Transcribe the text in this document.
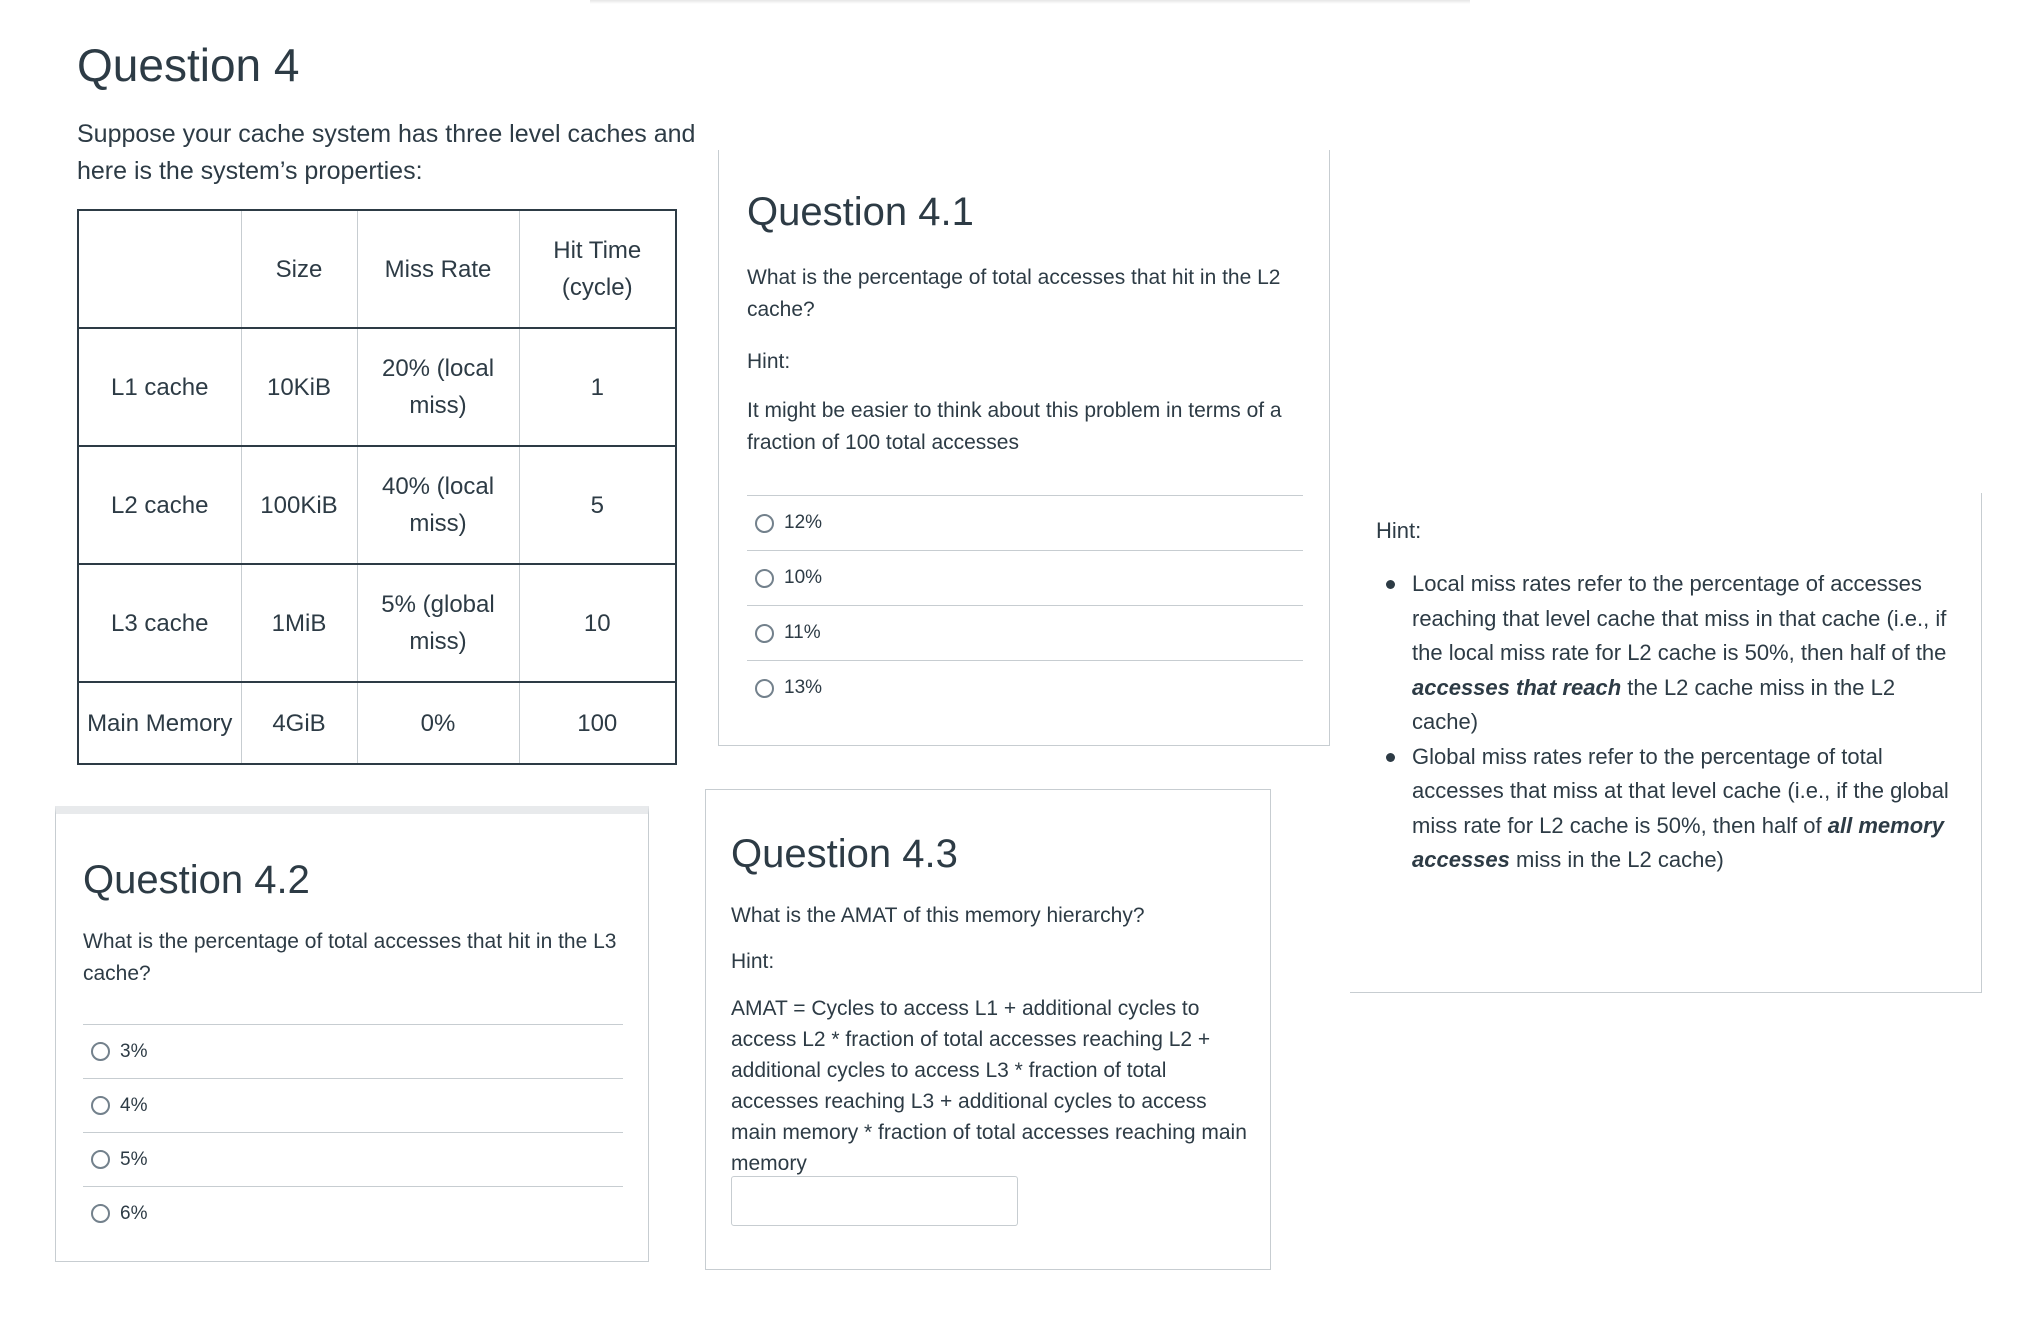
Question 4

Suppose your cache system has three level caches and here is the system’s properties:

	Size	Miss Rate	Hit Time (cycle)
L1 cache	10KiB	20% (local miss)	1
L2 cache	100KiB	40% (local miss)	5
L3 cache	1MiB	5% (global miss)	10
Main Memory	4GiB	0%	100
Question 4.1

What is the percentage of total accesses that hit in the L2 cache?

Hint:

It might be easier to think about this problem in terms of a fraction of 100 total accesses

12%
10%
11%
13%
Question 4.2

What is the percentage of total accesses that hit in the L3 cache?

3%
4%
5%
6%
Question 4.3

What is the AMAT of this memory hierarchy?

Hint:

AMAT = Cycles to access L1 + additional cycles to access L2 * fraction of total accesses reaching L2 + additional cycles to access L3 * fraction of total accesses reaching L3 + additional cycles to access main memory * fraction of total accesses reaching main memory

Hint:

Local miss rates refer to the percentage of accesses reaching that level cache that miss in that cache (i.e., if the local miss rate for L2 cache is 50%, then half of the accesses that reach the L2 cache miss in the L2 cache)
Global miss rates refer to the percentage of total accesses that miss at that level cache (i.e., if the global miss rate for L2 cache is 50%, then half of all memory accesses miss in the L2 cache)
